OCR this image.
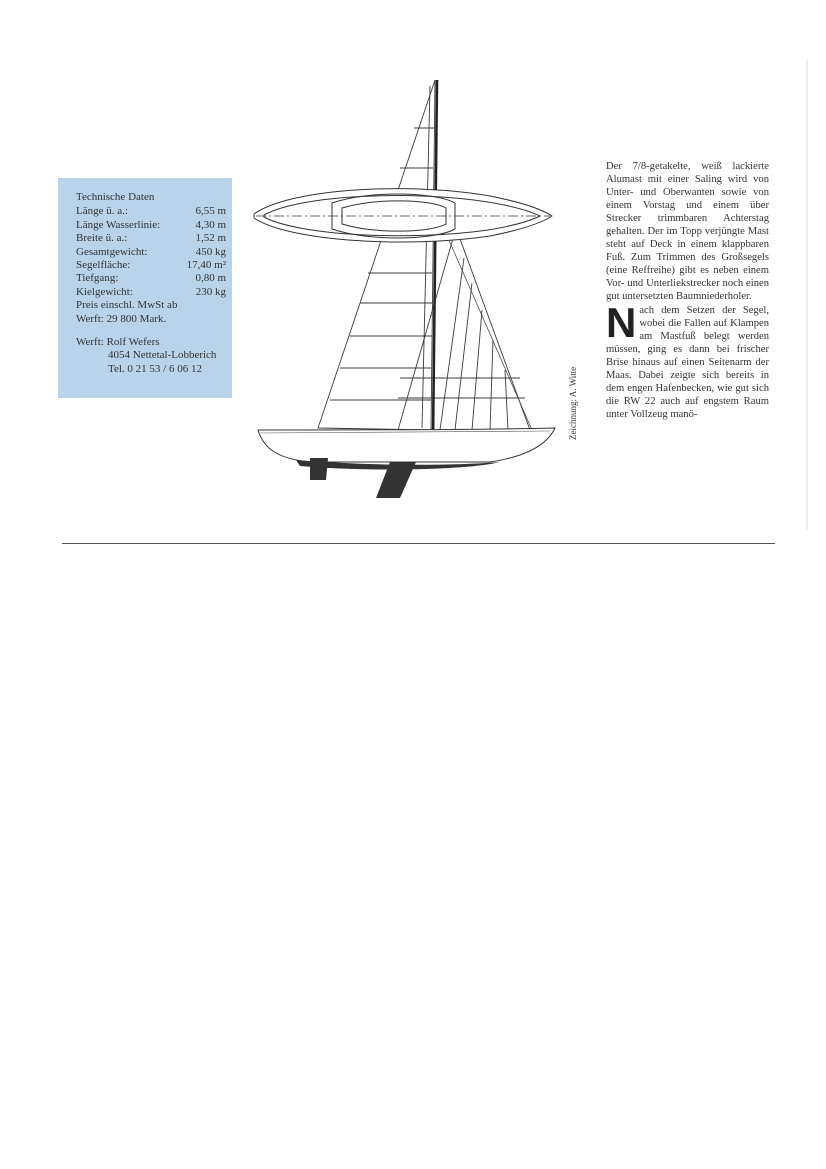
Technische Daten
Länge ü. a.:	6,55 m
Länge Wasserlinie:	4,30 m
Breite ü. a.:	1,52 m
Gesamtgewicht:	450 kg
Segelfläche:	17,40 m²
Tiefgang:	0,80 m
Kielgewicht:	230 kg
Preis einschl. MwSt ab
Werft: 29 800 Mark.
Werft: Rolf Wefers
4054 Nettetal-Lobberich
Tel. 0 21 53 / 6 06 12	Zeichnung: A. Witte

Der 7/8-getakelte, weiß lackierte Alumast mit einer Saling wird von Unter- und Oberwanten sowie von einem Vorstag und einem über Strecker trimmbaren Achterstag gehalten. Der im Topp verjüngte Mast steht auf Deck in einem klappbaren Fuß. Zum Trimmen des Großsegels (eine Reffreihe) gibt es neben einem Vor- und Unterliekstrecker noch einen gut untersetzten Baumniederholer.

Nach dem Setzen der Segel, wobei die Fallen auf Klampen am Mastfuß belegt werden müssen, ging es dann bei frischer Brise hinaus auf einen Seitenarm der Maas. Dabei zeigte sich bereits in dem engen Hafenbecken, wie gut sich die RW 22 auch auf engstem Raum unter Vollzeug manö-
